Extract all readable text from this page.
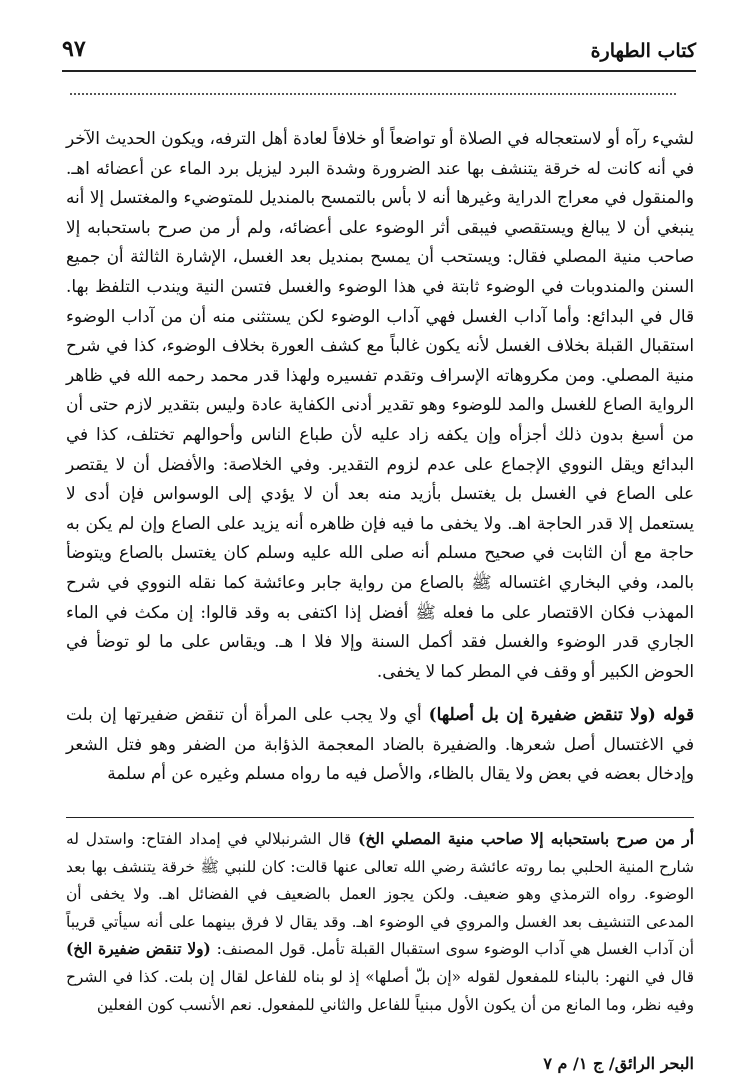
كتاب الطهارة
٩٧

لشيء رآه أو لاستعجاله في الصلاة أو تواضعاً أو خلافاً لعادة أهل الترفه، ويكون الحديث الآخر في أنه كانت له خرقة يتنشف بها عند الضرورة وشدة البرد ليزيل برد الماء عن أعضائه اهـ. والمنقول في معراج الدراية وغيرها أنه لا بأس بالتمسح بالمنديل للمتوضيء والمغتسل إلا أنه ينبغي أن لا يبالغ ويستقصي فيبقى أثر الوضوء على أعضائه، ولم أر من صرح باستحبابه إلا صاحب منية المصلي فقال: ويستحب أن يمسح بمنديل بعد الغسل، الإشارة الثالثة أن جميع السنن والمندوبات في الوضوء ثابتة في هذا الوضوء والغسل فتسن النية ويندب التلفظ بها. قال في البدائع: وأما آداب الغسل فهي آداب الوضوء لكن يستثنى منه أن من آداب الوضوء استقبال القبلة بخلاف الغسل لأنه يكون غالباً مع كشف العورة بخلاف الوضوء، كذا في شرح منية المصلي. ومن مكروهاته الإسراف وتقدم تفسيره ولهذا قدر محمد رحمه الله في ظاهر الرواية الصاع للغسل والمد للوضوء وهو تقدير أدنى الكفاية عادة وليس بتقدير لازم حتى أن من أسبغ بدون ذلك أجزأه وإن يكفه زاد عليه لأن طباع الناس وأحوالهم تختلف، كذا في البدائع ويقل النووي الإجماع على عدم لزوم التقدير. وفي الخلاصة: والأفضل أن لا يقتصر على الصاع في الغسل بل يغتسل بأزيد منه بعد أن لا يؤدي إلى الوسواس فإن أدى لا يستعمل إلا قدر الحاجة اهـ. ولا يخفى ما فيه فإن ظاهره أنه يزيد على الصاع وإن لم يكن به حاجة مع أن الثابت في صحيح مسلم أنه صلى الله عليه وسلم كان يغتسل بالصاع ويتوضأ بالمد، وفي البخاري اغتساله ﷺ بالصاع من رواية جابر وعائشة كما نقله النووي في شرح المهذب فكان الاقتصار على ما فعله ﷺ أفضل إذا اكتفى به وقد قالوا: إن مكث في الماء الجاري قدر الوضوء والغسل فقد أكمل السنة وإلا فلا ا هـ. ويقاس على ما لو توضأ في الحوض الكبير أو وقف في المطر كما لا يخفى.

قوله (ولا تنقض ضفيرة إن بل أصلها) أي ولا يجب على المرأة أن تنقض ضفيرتها إن بلت في الاغتسال أصل شعرها. والضفيرة بالضاد المعجمة الذؤابة من الضفر وهو فتل الشعر وإدخال بعضه في بعض ولا يقال بالظاء، والأصل فيه ما رواه مسلم وغيره عن أم سلمة

أر من صرح باستحبابه إلا صاحب منية المصلي الخ) قال الشرنبلالي في إمداد الفتاح: واستدل له شارح المنية الحلبي بما روته عائشة رضي الله تعالى عنها قالت: كان للنبي ﷺ خرقة يتنشف بها بعد الوضوء. رواه الترمذي وهو ضعيف. ولكن يجوز العمل بالضعيف في الفضائل اهـ. ولا يخفى أن المدعى التنشيف بعد الغسل والمروي في الوضوء اهـ. وقد يقال لا فرق بينهما على أنه سيأتي قريباً أن آداب الغسل هي آداب الوضوء سوى استقبال القبلة تأمل. قول المصنف: (ولا تنقض ضفيرة الخ) قال في النهر: بالبناء للمفعول لقوله «إن بلّ أصلها» إذ لو بناه للفاعل لقال إن بلت. كذا في الشرح وفيه نظر، وما المانع من أن يكون الأول مبنياً للفاعل والثاني للمفعول. نعم الأنسب كون الفعلين

البحر الرائق/ ج ١/ م ٧
